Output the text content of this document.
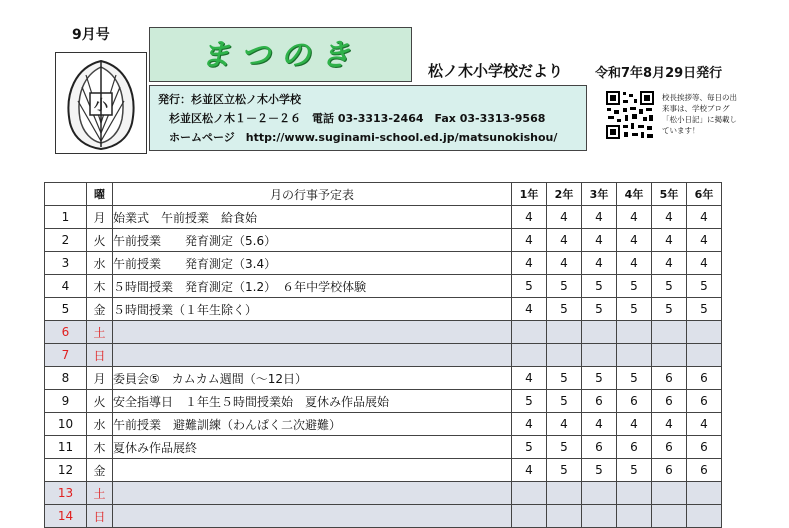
9月号
小
まつのき	松ノ木小学校だより 令和7年8月29日発行
発行：杉並区立松ノ木小学校
　杉並区松ノ木１－２－２６　電話 03-3313-2464　Fax 03-3313-9568
　ホームページ　http://www.suginami-school.ed.jp/matsunokishou/
校長挨拶等、毎日の出来事は、学校ブログ「松小日記」に掲載しています！
	曜	月の行事予定表	1年	2年	3年	4年	5年	6年
1	月	始業式　午前授業　給食始	4	4	4	4	4	4
2	火	午前授業　　発育測定（5.6）	4	4	4	4	4	4
3	水	午前授業　　発育測定（3.4）	4	4	4	4	4	4
4	木	５時間授業　発育測定（1.2）　６年中学校体験	5	5	5	5	5	5
5	金	５時間授業（１年生除く）	4	5	5	5	5	5
6	土							
7	日							
8	月	委員会⑤　カムカム週間（～12日）	4	5	5	5	6	6
9	火	安全指導日　１年生５時間授業始　夏休み作品展始	5	5	6	6	6	6
10	水	午前授業　避難訓練（わんぱく二次避難）	4	4	4	4	4	4
11	木	夏休み作品展終	5	5	6	6	6	6
12	金		4	5	5	5	6	6
13	土							
14	日							
